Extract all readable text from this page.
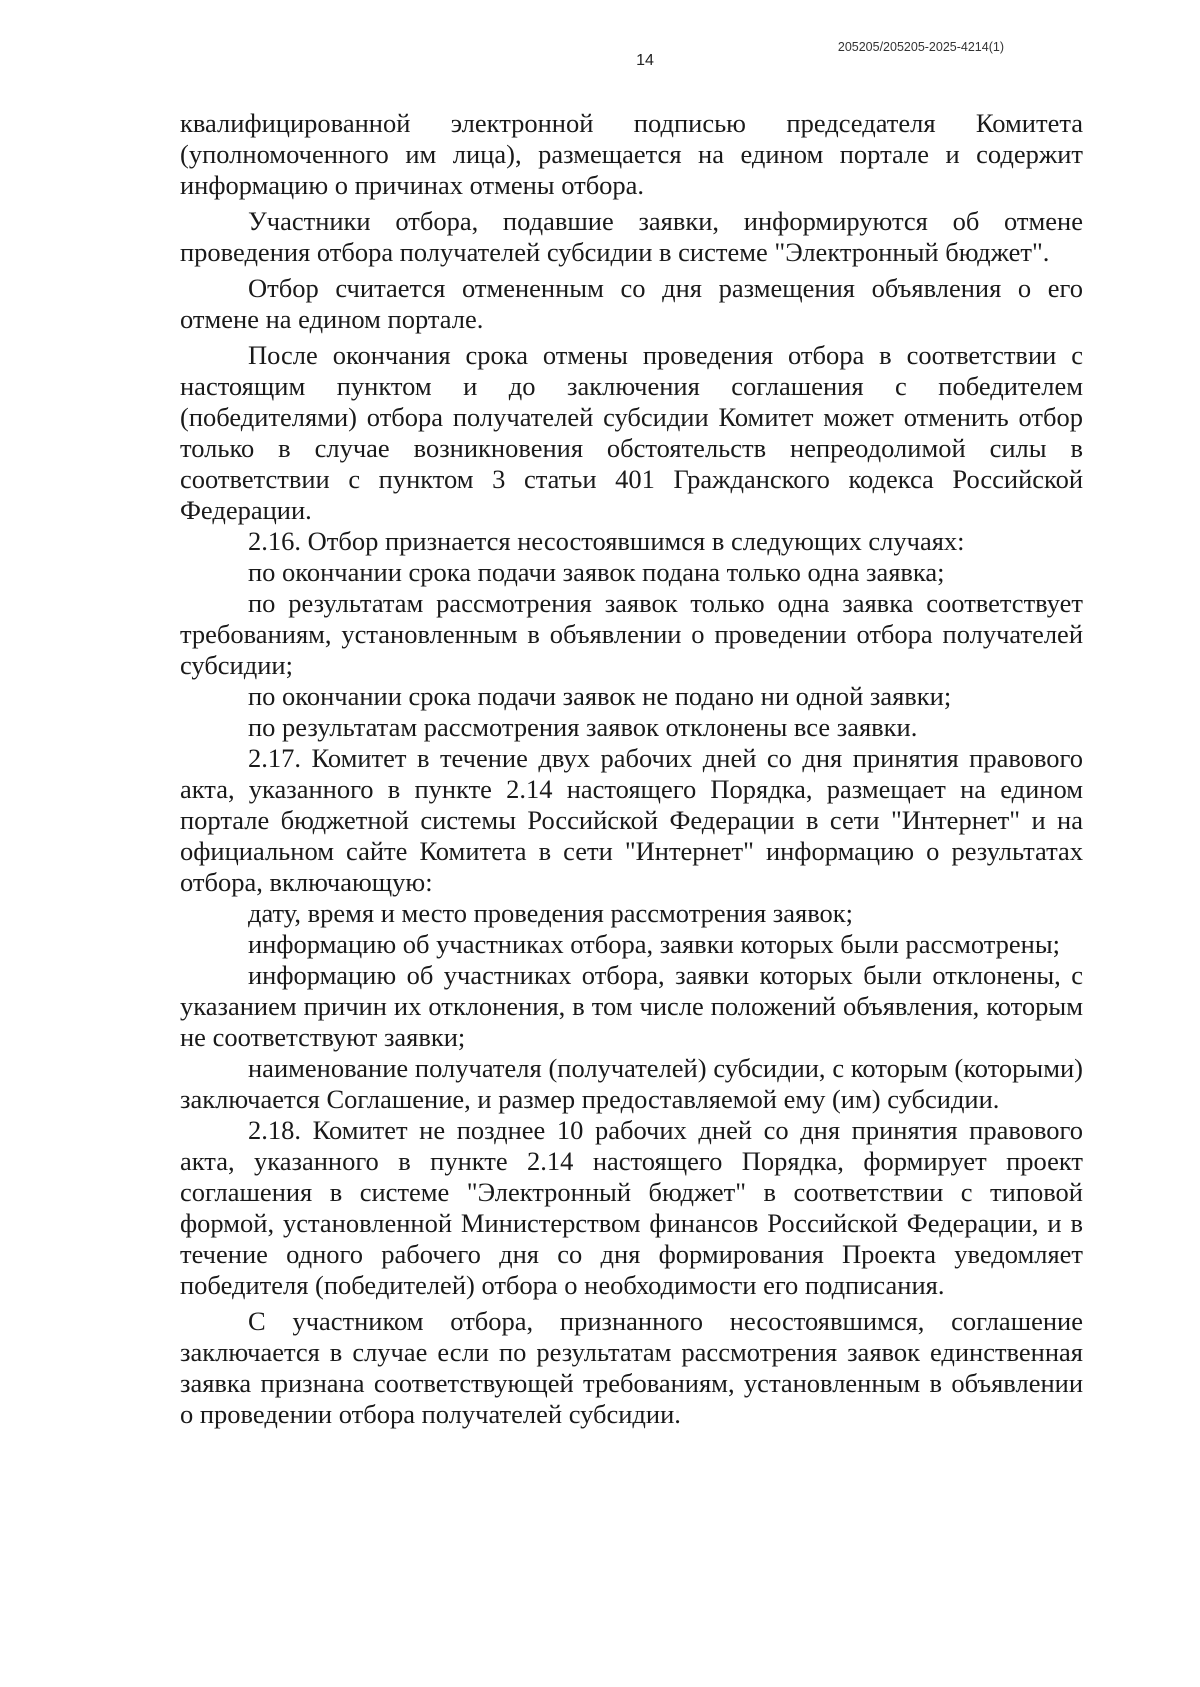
205205/205205-2025-4214(1)
14

квалифицированной электронной подписью председателя Комитета (уполномоченного им лица), размещается на едином портале и содержит информацию о причинах отмены отбора.

Участники отбора, подавшие заявки, информируются об отмене проведения отбора получателей субсидии в системе "Электронный бюджет".

Отбор считается отмененным со дня размещения объявления о его отмене на едином портале.

После окончания срока отмены проведения отбора в соответствии с настоящим пунктом и до заключения соглашения с победителем (победителями) отбора получателей субсидии Комитет может отменить отбор только в случае возникновения обстоятельств непреодолимой силы в соответствии с пунктом 3 статьи 401 Гражданского кодекса Российской Федерации.

2.16. Отбор признается несостоявшимся в следующих случаях:

по окончании срока подачи заявок подана только одна заявка;

по результатам рассмотрения заявок только одна заявка соответствует требованиям, установленным в объявлении о проведении отбора получателей субсидии;

по окончании срока подачи заявок не подано ни одной заявки;

по результатам рассмотрения заявок отклонены все заявки.

2.17. Комитет в течение двух рабочих дней со дня принятия правового акта, указанного в пункте 2.14 настоящего Порядка, размещает на едином портале бюджетной системы Российской Федерации в сети "Интернет" и на официальном сайте Комитета в сети "Интернет" информацию о результатах отбора, включающую:

дату, время и место проведения рассмотрения заявок;

информацию об участниках отбора, заявки которых были рассмотрены;

информацию об участниках отбора, заявки которых были отклонены, с указанием причин их отклонения, в том числе положений объявления, которым не соответствуют заявки;

наименование получателя (получателей) субсидии, с которым (которыми) заключается Соглашение, и размер предоставляемой ему (им) субсидии.

2.18. Комитет не позднее 10 рабочих дней со дня принятия правового акта, указанного в пункте 2.14 настоящего Порядка, формирует проект соглашения в системе "Электронный бюджет" в соответствии с типовой формой, установленной Министерством финансов Российской Федерации, и в течение одного рабочего дня со дня формирования Проекта уведомляет победителя (победителей) отбора о необходимости его подписания.

С участником отбора, признанного несостоявшимся, соглашение заключается в случае если по результатам рассмотрения заявок единственная заявка признана соответствующей требованиям, установленным в объявлении о проведении отбора получателей субсидии.
